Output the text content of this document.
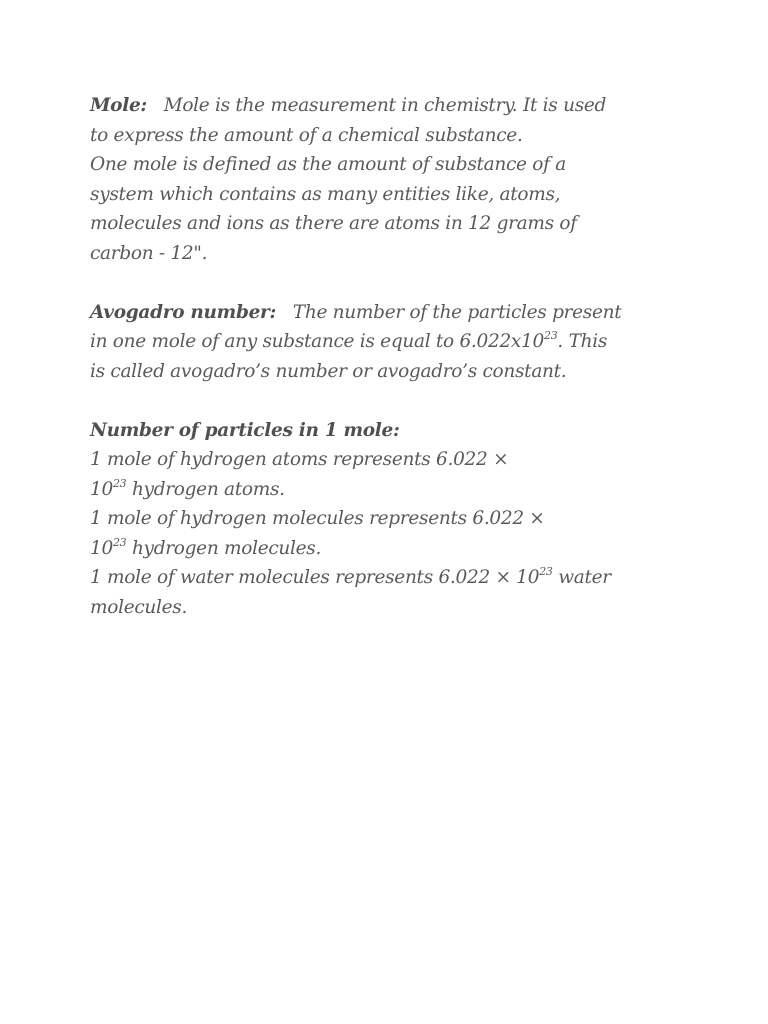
Mole: Mole is the measurement in chemistry. It is used
to express the amount of a chemical substance.
One mole is defined as the amount of substance of a
system which contains as many entities like, atoms,
molecules and ions as there are atoms in 12 grams of
carbon - 12".
Avogadro number: The number of the particles present
in one mole of any substance is equal to $6.022x10^{23}$. This
is called avogadro’s number or avogadro’s constant.
Number of particles in 1 mole:
1 mole of hydrogen atoms represents 6.022 ×
$10^{23}$ hydrogen atoms.
1 mole of hydrogen molecules represents 6.022 ×
$10^{23}$ hydrogen molecules.
1 mole of water molecules represents $6.022 \times 10^{23}$ water
molecules.
